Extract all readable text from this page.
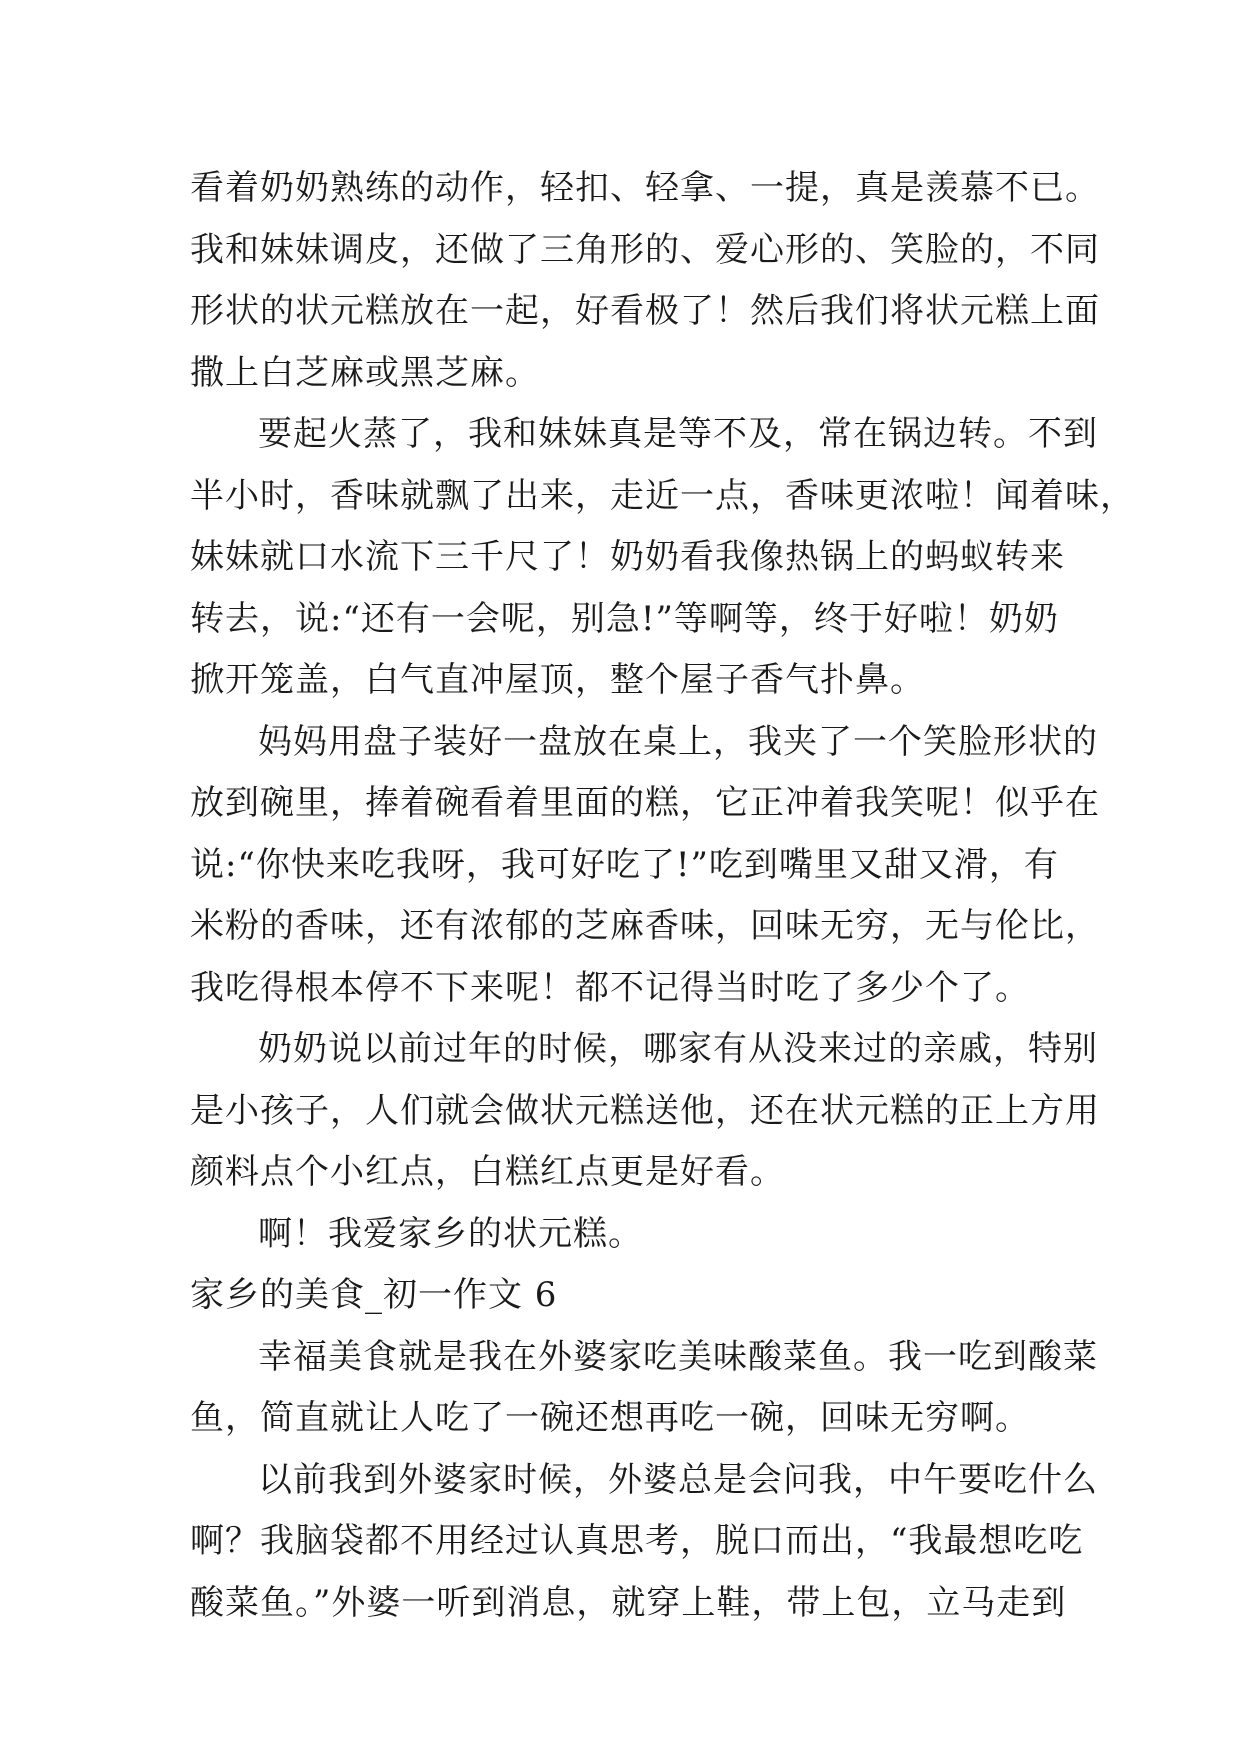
看着奶奶熟练的动作，轻扣、轻拿、一提，真是羡慕不已。
我和妹妹调皮，还做了三角形的、爱心形的、笑脸的，不同
形状的状元糕放在一起，好看极了！然后我们将状元糕上面
撒上白芝麻或黑芝麻。
要起火蒸了，我和妹妹真是等不及，常在锅边转。不到
半小时，香味就飘了出来，走近一点，香味更浓啦！闻着味，
妹妹就口水流下三千尺了！奶奶看我像热锅上的蚂蚁转来
转去，说:“还有一会呢，别急!”等啊等，终于好啦！奶奶
掀开笼盖，白气直冲屋顶，整个屋子香气扑鼻。
妈妈用盘子装好一盘放在桌上，我夹了一个笑脸形状的
放到碗里，捧着碗看着里面的糕，它正冲着我笑呢！似乎在
说:“你快来吃我呀，我可好吃了!”吃到嘴里又甜又滑，有
米粉的香味，还有浓郁的芝麻香味，回味无穷，无与伦比，
我吃得根本停不下来呢！都不记得当时吃了多少个了。
奶奶说以前过年的时候，哪家有从没来过的亲戚，特别
是小孩子，人们就会做状元糕送他，还在状元糕的正上方用
颜料点个小红点，白糕红点更是好看。
啊！我爱家乡的状元糕。
家乡的美食_初一作文 6
幸福美食就是我在外婆家吃美味酸菜鱼。我一吃到酸菜
鱼，简直就让人吃了一碗还想再吃一碗，回味无穷啊。
以前我到外婆家时候，外婆总是会问我，中午要吃什么
啊？我脑袋都不用经过认真思考，脱口而出，“我最想吃吃
酸菜鱼。”外婆一听到消息，就穿上鞋，带上包，立马走到
